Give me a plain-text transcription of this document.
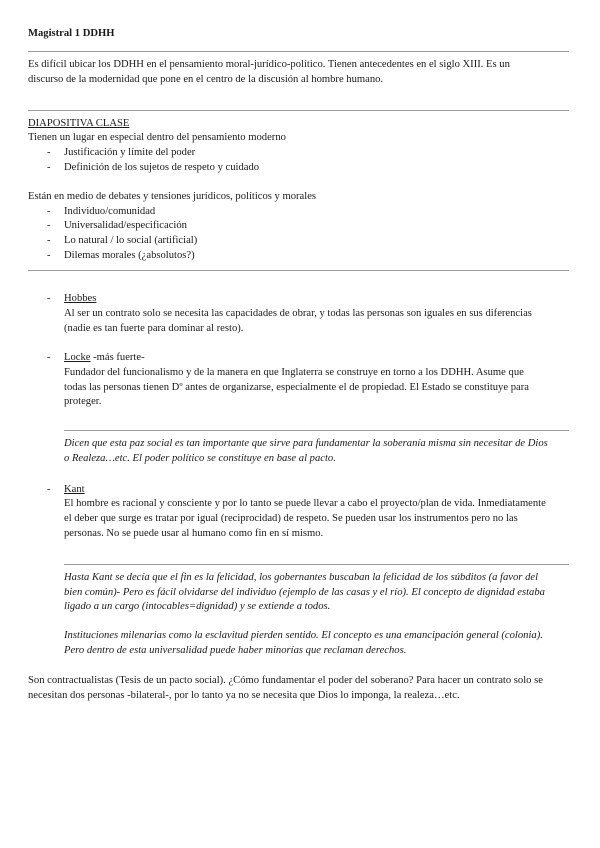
Magistral 1 DDHH
Es difícil ubicar los DDHH en el pensamiento moral-jurídico-político. Tienen antecedentes en el siglo XIII. Es un
discurso de la modernidad que pone en el centro de la discusión al hombre humano.
DIAPOSITIVA CLASE
Tienen un lugar en especial dentro del pensamiento moderno
- Justificación y límite del poder
- Definición de los sujetos de respeto y cuidado
Están en medio de debates y tensiones jurídicos, políticos y morales
- Individuo/comunidad
- Universalidad/especificación
- Lo natural / lo social (artificial)
- Dilemas morales (¿absolutos?)
- Hobbes
Al ser un contrato solo se necesita las capacidades de obrar, y todas las personas son iguales en sus diferencias
(nadie es tan fuerte para dominar al resto).
- Locke -más fuerte-
Fundador del funcionalismo y de la manera en que Inglaterra se construye en torno a los DDHH. Asume que
todas las personas tienen Dº antes de organizarse, especialmente el de propiedad. El Estado se constituye para
proteger.
Dicen que esta paz social es tan importante que sirve para fundamentar la soberanía misma sin necesitar de Dios
o Realeza…etc. El poder político se constituye en base al pacto.
- Kant
El hombre es racional y consciente y por lo tanto se puede llevar a cabo el proyecto/plan de vida. Inmediatamente
el deber que surge es tratar por igual (reciprocidad) de respeto. Se pueden usar los instrumentos pero no las
personas. No se puede usar al humano como fin en sí mismo.
Hasta Kant se decía que el fin es la felicidad, los gobernantes buscaban la felicidad de los súbditos (a favor del
bien común)- Pero es fácil olvidarse del individuo (ejemplo de las casas y el río). El concepto de dignidad estaba
ligado a un cargo (intocables=dignidad) y se extiende a todos.
Instituciones milenarias como la esclavitud pierden sentido. El concepto es una emancipación general (colonia).
Pero dentro de esta universalidad puede haber minorías que reclaman derechos.
Son contractualistas (Tesis de un pacto social). ¿Cómo fundamentar el poder del soberano? Para hacer un contrato solo se
necesitan dos personas -bilateral-, por lo tanto ya no se necesita que Dios lo imponga, la realeza…etc.
